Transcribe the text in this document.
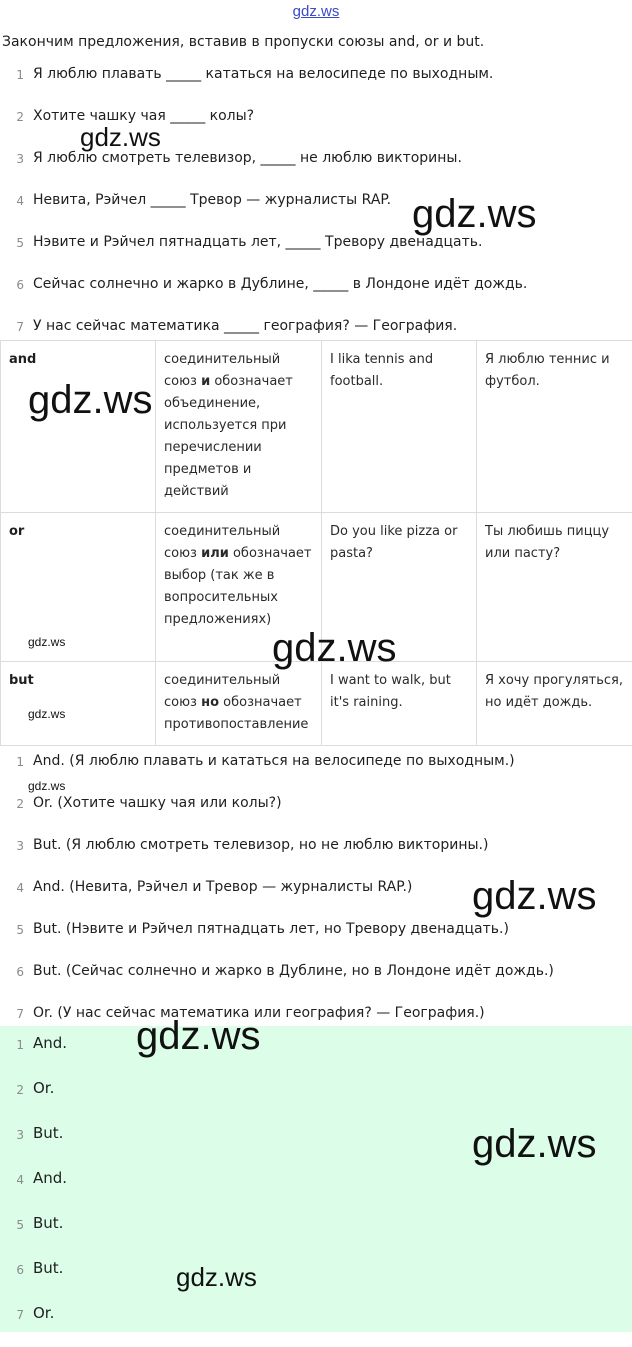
gdz.ws
Закончим предложения, вставив в пропуски союзы and, or и but.
1 Я люблю плавать _____ кататься на велосипеде по выходным.
2 Хотите чашку чая _____ колы?
3 Я люблю смотреть телевизор, _____ не люблю викторины.
4 Невита, Рэйчел _____ Тревор — журналисты RAP.
5 Нэвите и Рэйчел пятнадцать лет, _____ Тревору двенадцать.
6 Сейчас солнечно и жарко в Дублине, _____ в Лондоне идёт дождь.
7 У нас сейчас математика _____ география? — География.
and	соединительный союз и обозначает объединение, используется при перечислении предметов и действий	I lika tennis and football.	Я люблю теннис и футбол.
or	соединительный союз или обозначает выбор (так же в вопросительных предложениях)	Do you like pizza or pasta?	Ты любишь пиццу или пасту?
but	соединительный союз но обозначает противопоставление	I want to walk, but it's raining.	Я хочу прогуляться, но идёт дождь.
1 And. (Я люблю плавать и кататься на велосипеде по выходным.)
2 Or. (Хотите чашку чая или колы?)
3 But. (Я люблю смотреть телевизор, но не люблю викторины.)
4 And. (Невита, Рэйчел и Тревор — журналисты RAP.)
5 But. (Нэвите и Рэйчел пятнадцать лет, но Тревору двенадцать.)
6 But. (Сейчас солнечно и жарко в Дублине, но в Лондоне идёт дождь.)
7 Or. (У нас сейчас математика или география? — География.)
1 And.
2 Or.
3 But.
4 And.
5 But.
6 But.
7 Or.
gdz.ws
gdz.ws
gdz.ws
gdz.ws	gdz.ws
gdz.ws
gdz.ws
gdz.ws
gdz.ws
gdz.ws
gdz.ws
